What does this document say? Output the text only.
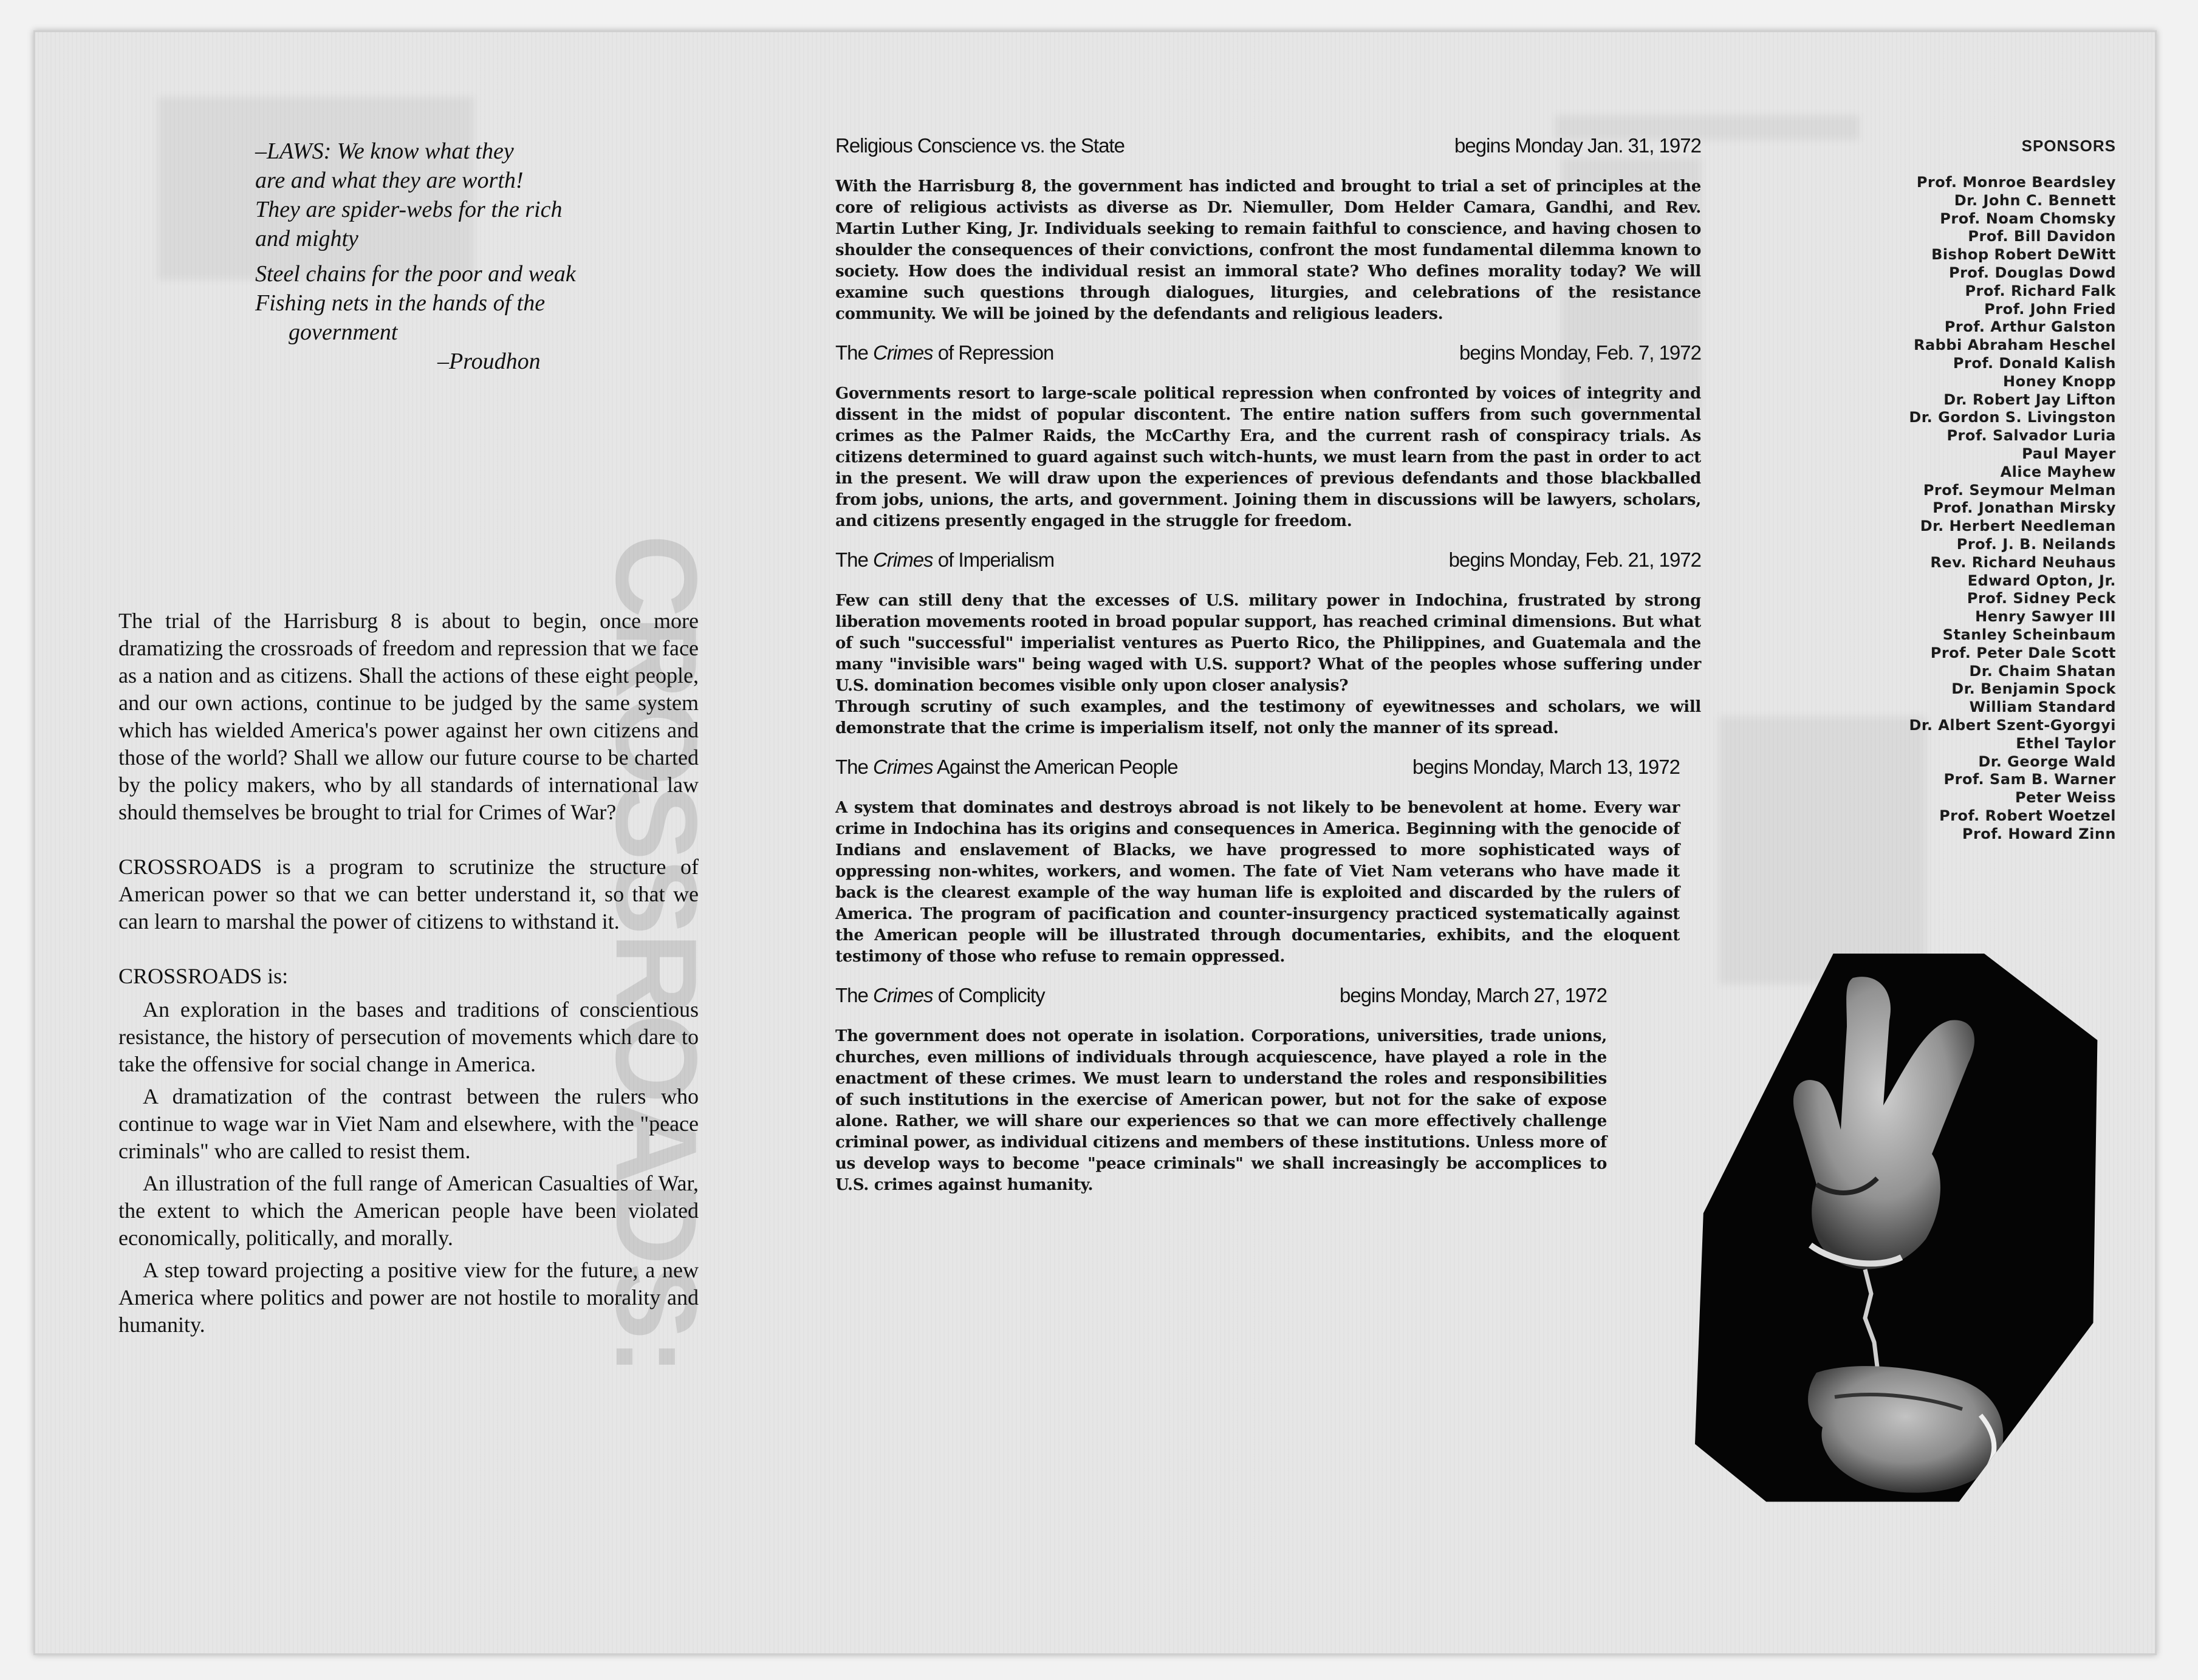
CROSSROADS:

–LAWS: We know what they

are and what they are worth!

They are spider-webs for the rich

and mighty

Steel chains for the poor and weak

Fishing nets in the hands of the

government

–Proudhon

The trial of the Harrisburg 8 is about to begin, once more dramatizing the crossroads of freedom and repression that we face as a nation and as citizens. Shall the actions of these eight people, and our own actions, continue to be judged by the same system which has wielded America's power against her own citizens and those of the world? Shall we allow our future course to be charted by the policy makers, who by all standards of international law should themselves be brought to trial for Crimes of War?

CROSSROADS is a program to scrutinize the structure of American power so that we can better understand it, so that we can learn to marshal the power of citizens to withstand it.

CROSSROADS is:

An exploration in the bases and traditions of conscientious resistance, the history of persecution of movements which dare to take the offensive for social change in America.

A dramatization of the contrast between the rulers who continue to wage war in Viet Nam and elsewhere, with the "peace criminals" who are called to resist them.

An illustration of the full range of American Casualties of War, the extent to which the American people have been violated economically, politically, and morally.

A step toward projecting a positive view for the future, a new America where politics and power are not hostile to morality and humanity.

Religious Conscience vs. the State	begins Monday Jan. 31, 1972

With the Harrisburg 8, the government has indicted and brought to trial a set of principles at the core of religious activists as diverse as Dr. Niemuller, Dom Helder Camara, Gandhi, and Rev. Martin Luther King, Jr. Individuals seeking to remain faithful to conscience, and having chosen to shoulder the consequences of their convictions, confront the most fundamental dilemma known to society. How does the individual resist an immoral state? Who defines morality today? We will examine such questions through dialogues, liturgies, and celebrations of the resistance community. We will be joined by the defendants and religious leaders.

The Crimes of Repression	begins Monday, Feb. 7, 1972

Governments resort to large-scale political repression when confronted by voices of integrity and dissent in the midst of popular discontent. The entire nation suffers from such governmental crimes as the Palmer Raids, the McCarthy Era, and the current rash of conspiracy trials. As citizens determined to guard against such witch-hunts, we must learn from the past in order to act in the present. We will draw upon the experiences of previous defendants and those blackballed from jobs, unions, the arts, and government. Joining them in discussions will be lawyers, scholars, and citizens presently engaged in the struggle for freedom.

The Crimes of Imperialism	begins Monday, Feb. 21, 1972

Few can still deny that the excesses of U.S. military power in Indochina, frustrated by strong liberation movements rooted in broad popular support, has reached criminal dimensions. But what of such "successful" imperialist ventures as Puerto Rico, the Philippines, and Guatemala and the many "invisible wars" being waged with U.S. support? What of the peoples whose suffering under U.S. domination becomes visible only upon closer analysis?

Through scrutiny of such examples, and the testimony of eyewitnesses and scholars, we will demonstrate that the crime is imperialism itself, not only the manner of its spread.

The Crimes Against the American People	begins Monday, March 13, 1972

A system that dominates and destroys abroad is not likely to be benevolent at home. Every war crime in Indochina has its origins and consequences in America. Beginning with the genocide of Indians and enslavement of Blacks, we have progressed to more sophisticated ways of oppressing non-whites, workers, and women. The fate of Viet Nam veterans who have made it back is the clearest example of the way human life is exploited and discarded by the rulers of America. The program of pacification and counter-insurgency practiced systematically against the American people will be illustrated through documentaries, exhibits, and the eloquent testimony of those who refuse to remain oppressed.

The Crimes of Complicity	begins Monday, March 27, 1972

The government does not operate in isolation. Corporations, universities, trade unions, churches, even millions of individuals through acquiescence, have played a role in the enactment of these crimes. We must learn to understand the roles and responsibilities of such institutions in the exercise of American power, but not for the sake of expose alone. Rather, we will share our experiences so that we can more effectively challenge criminal power, as individual citizens and members of these institutions. Unless more of us develop ways to become "peace criminals" we shall increasingly be accomplices to U.S. crimes against humanity.

SPONSORS
Prof. Monroe Beardsley
Dr. John C. Bennett
Prof. Noam Chomsky
Prof. Bill Davidon
Bishop Robert DeWitt
Prof. Douglas Dowd
Prof. Richard Falk
Prof. John Fried
Prof. Arthur Galston
Rabbi Abraham Heschel
Prof. Donald Kalish
Honey Knopp
Dr. Robert Jay Lifton
Dr. Gordon S. Livingston
Prof. Salvador Luria
Paul Mayer
Alice Mayhew
Prof. Seymour Melman
Prof. Jonathan Mirsky
Dr. Herbert Needleman
Prof. J. B. Neilands
Rev. Richard Neuhaus
Edward Opton, Jr.
Prof. Sidney Peck
Henry Sawyer III
Stanley Scheinbaum
Prof. Peter Dale Scott
Dr. Chaim Shatan
Dr. Benjamin Spock
William Standard
Dr. Albert Szent-Gyorgyi
Ethel Taylor
Dr. George Wald
Prof. Sam B. Warner
Peter Weiss
Prof. Robert Woetzel
Prof. Howard Zinn
